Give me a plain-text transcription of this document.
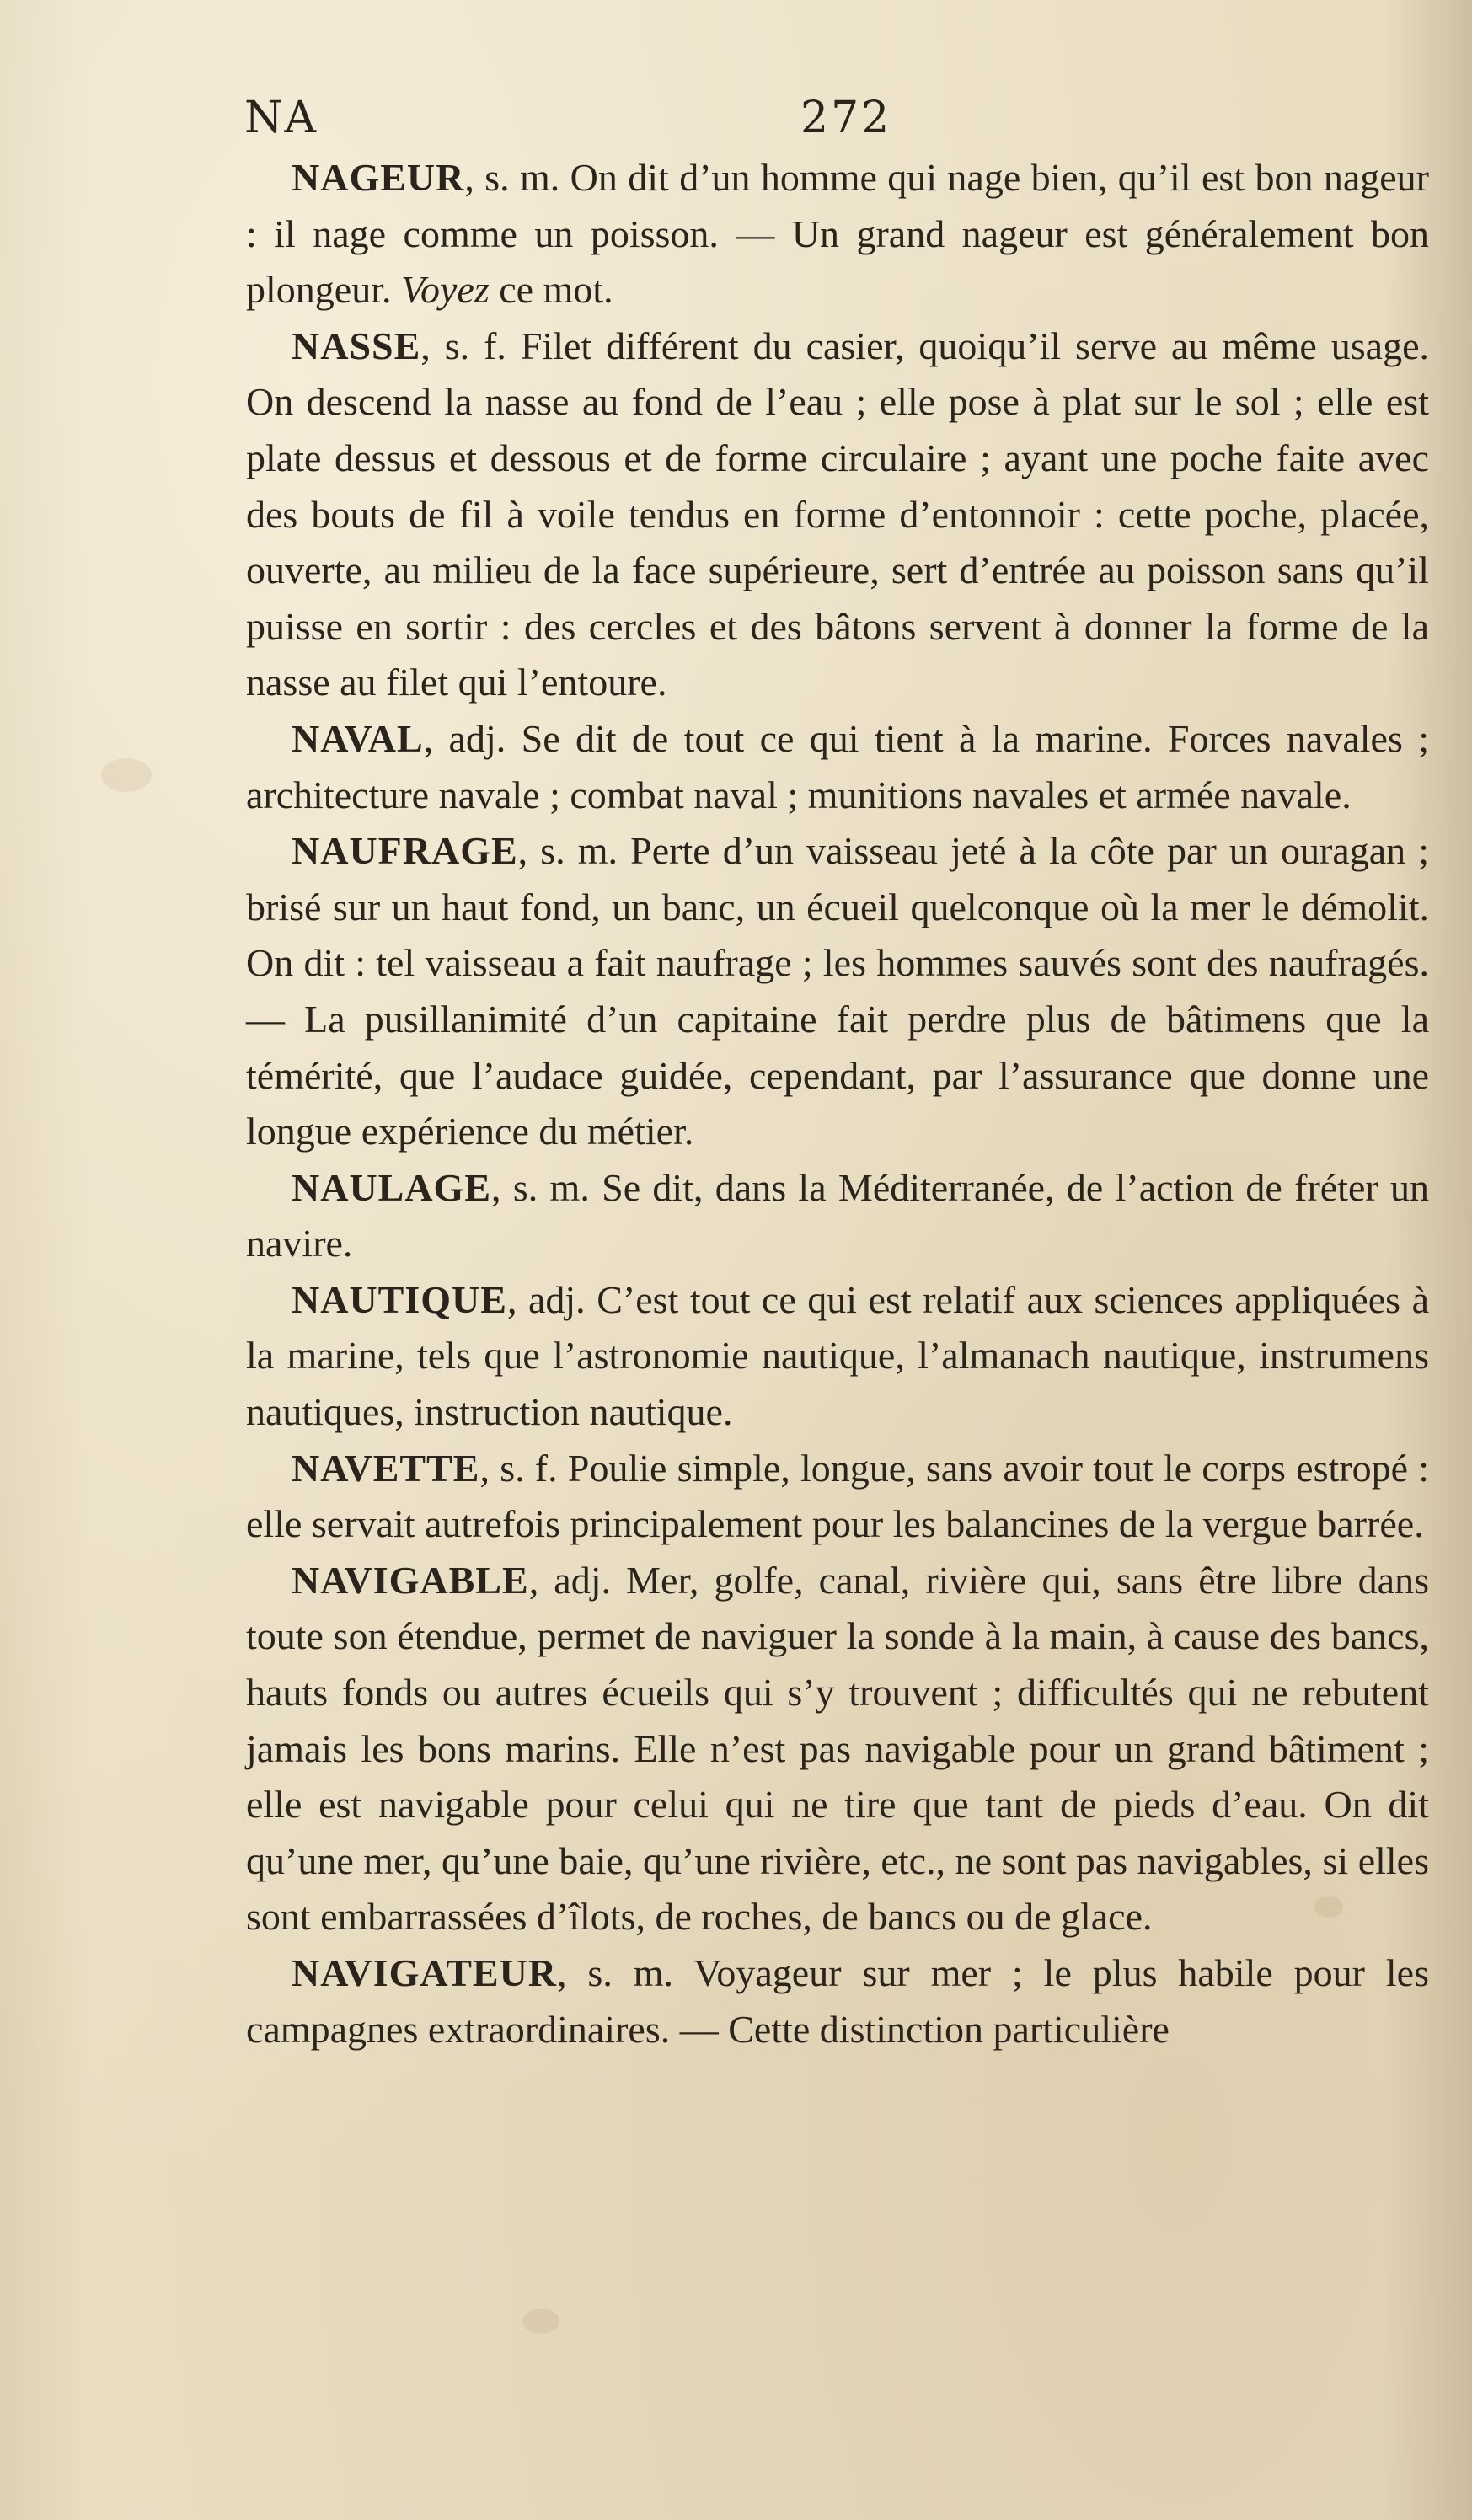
NA	272

NAGEUR, s. m. On dit d’un homme qui nage bien, qu’il est bon nageur : il nage comme un poisson. — Un grand nageur est généralement bon plongeur. Voyez ce mot.

NASSE, s. f. Filet différent du casier, quoiqu’il serve au même usage. On descend la nasse au fond de l’eau ; elle pose à plat sur le sol ; elle est plate dessus et dessous et de forme circulaire ; ayant une poche faite avec des bouts de fil à voile tendus en forme d’entonnoir : cette poche, placée, ouverte, au milieu de la face supérieure, sert d’entrée au poisson sans qu’il puisse en sortir : des cercles et des bâtons servent à donner la forme de la nasse au filet qui l’entoure.

NAVAL, adj. Se dit de tout ce qui tient à la marine. Forces navales ; architecture navale ; combat naval ; munitions navales et armée navale.

NAUFRAGE, s. m. Perte d’un vaisseau jeté à la côte par un ouragan ; brisé sur un haut fond, un banc, un écueil quelconque où la mer le démolit. On dit : tel vaisseau a fait naufrage ; les hommes sauvés sont des naufragés. — La pusillanimité d’un capitaine fait perdre plus de bâtimens que la témérité, que l’audace guidée, cependant, par l’assurance que donne une longue expérience du métier.

NAULAGE, s. m. Se dit, dans la Méditerranée, de l’action de fréter un navire.

NAUTIQUE, adj. C’est tout ce qui est relatif aux sciences appliquées à la marine, tels que l’astronomie nautique, l’almanach nautique, instrumens nautiques, instruction nautique.

NAVETTE, s. f. Poulie simple, longue, sans avoir tout le corps estropé : elle servait autrefois principalement pour les balancines de la vergue barrée.

NAVIGABLE, adj. Mer, golfe, canal, rivière qui, sans être libre dans toute son étendue, permet de naviguer la sonde à la main, à cause des bancs, hauts fonds ou autres écueils qui s’y trouvent ; difficultés qui ne rebutent jamais les bons marins. Elle n’est pas navigable pour un grand bâtiment ; elle est navigable pour celui qui ne tire que tant de pieds d’eau. On dit qu’une mer, qu’une baie, qu’une rivière, etc., ne sont pas navigables, si elles sont embarrassées d’îlots, de roches, de bancs ou de glace.

NAVIGATEUR, s. m. Voyageur sur mer ; le plus habile pour les campagnes extraordinaires. — Cette distinction particulière
